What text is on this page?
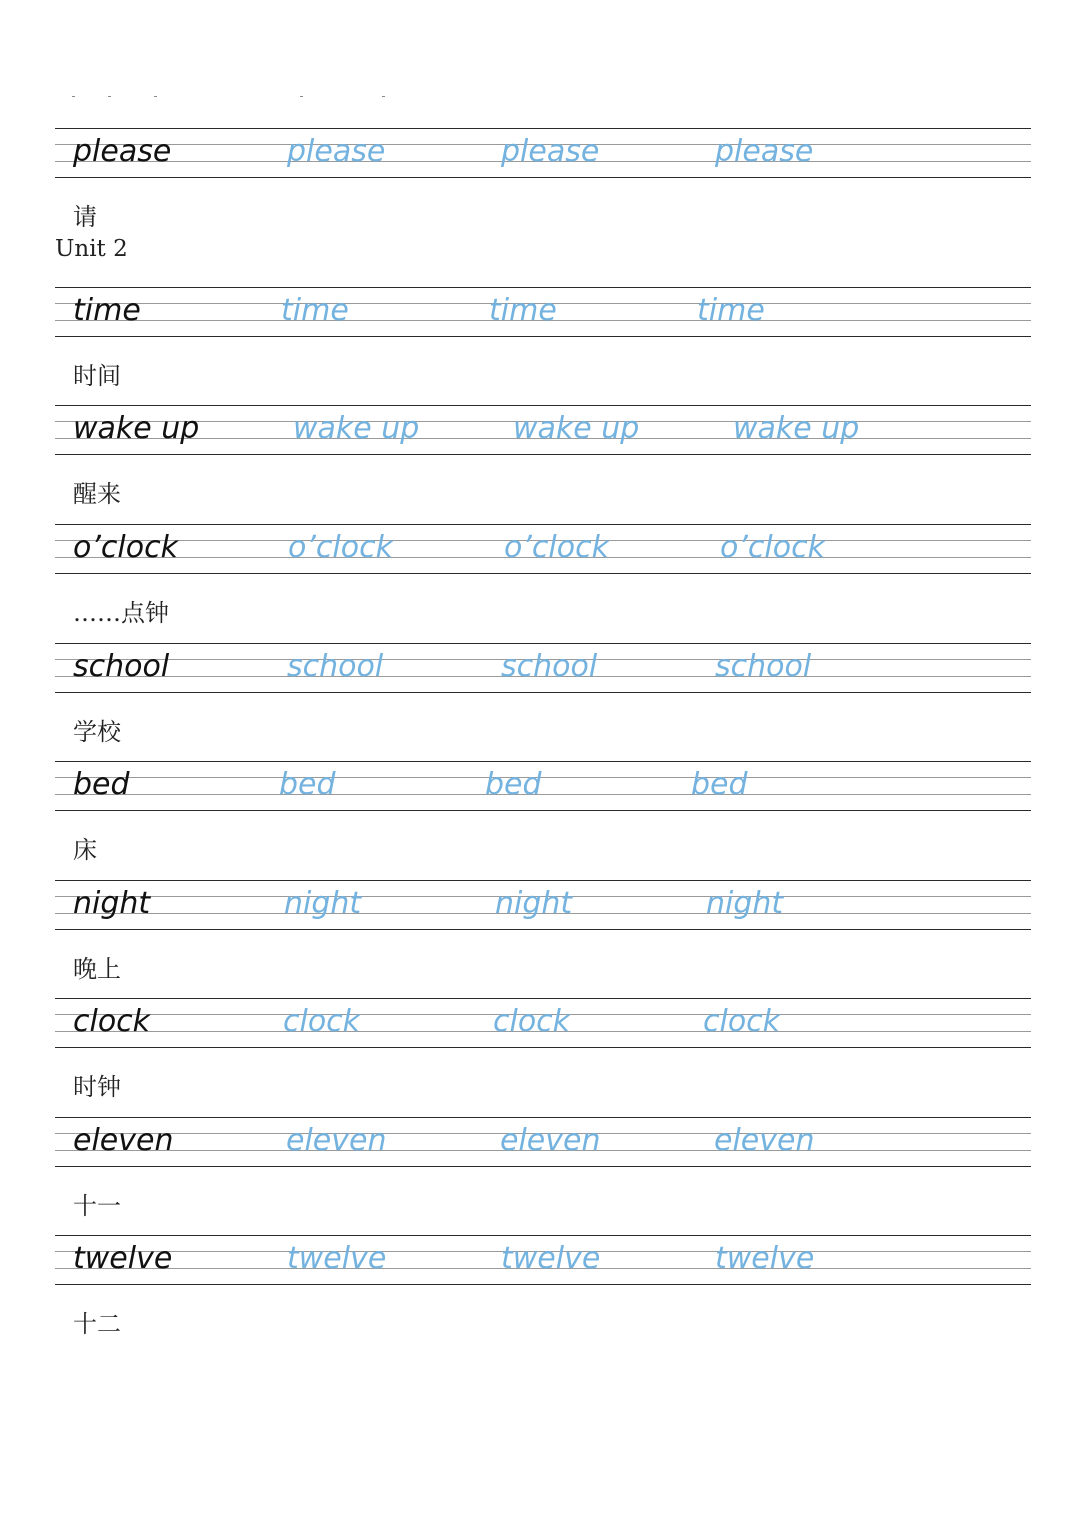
please	please	please	please
请
time	time	time	time
时间
wake up	wake up	wake up	wake up
醒来
o’clock	o’clock	o’clock	o’clock
……点钟
school	school	school	school
学校
bed	bed	bed	bed
床
night	night	night	night
晚上
clock	clock	clock	clock
时钟
eleven	eleven	eleven	eleven
十一
twelve	twelve	twelve	twelve
十二
Unit 2
